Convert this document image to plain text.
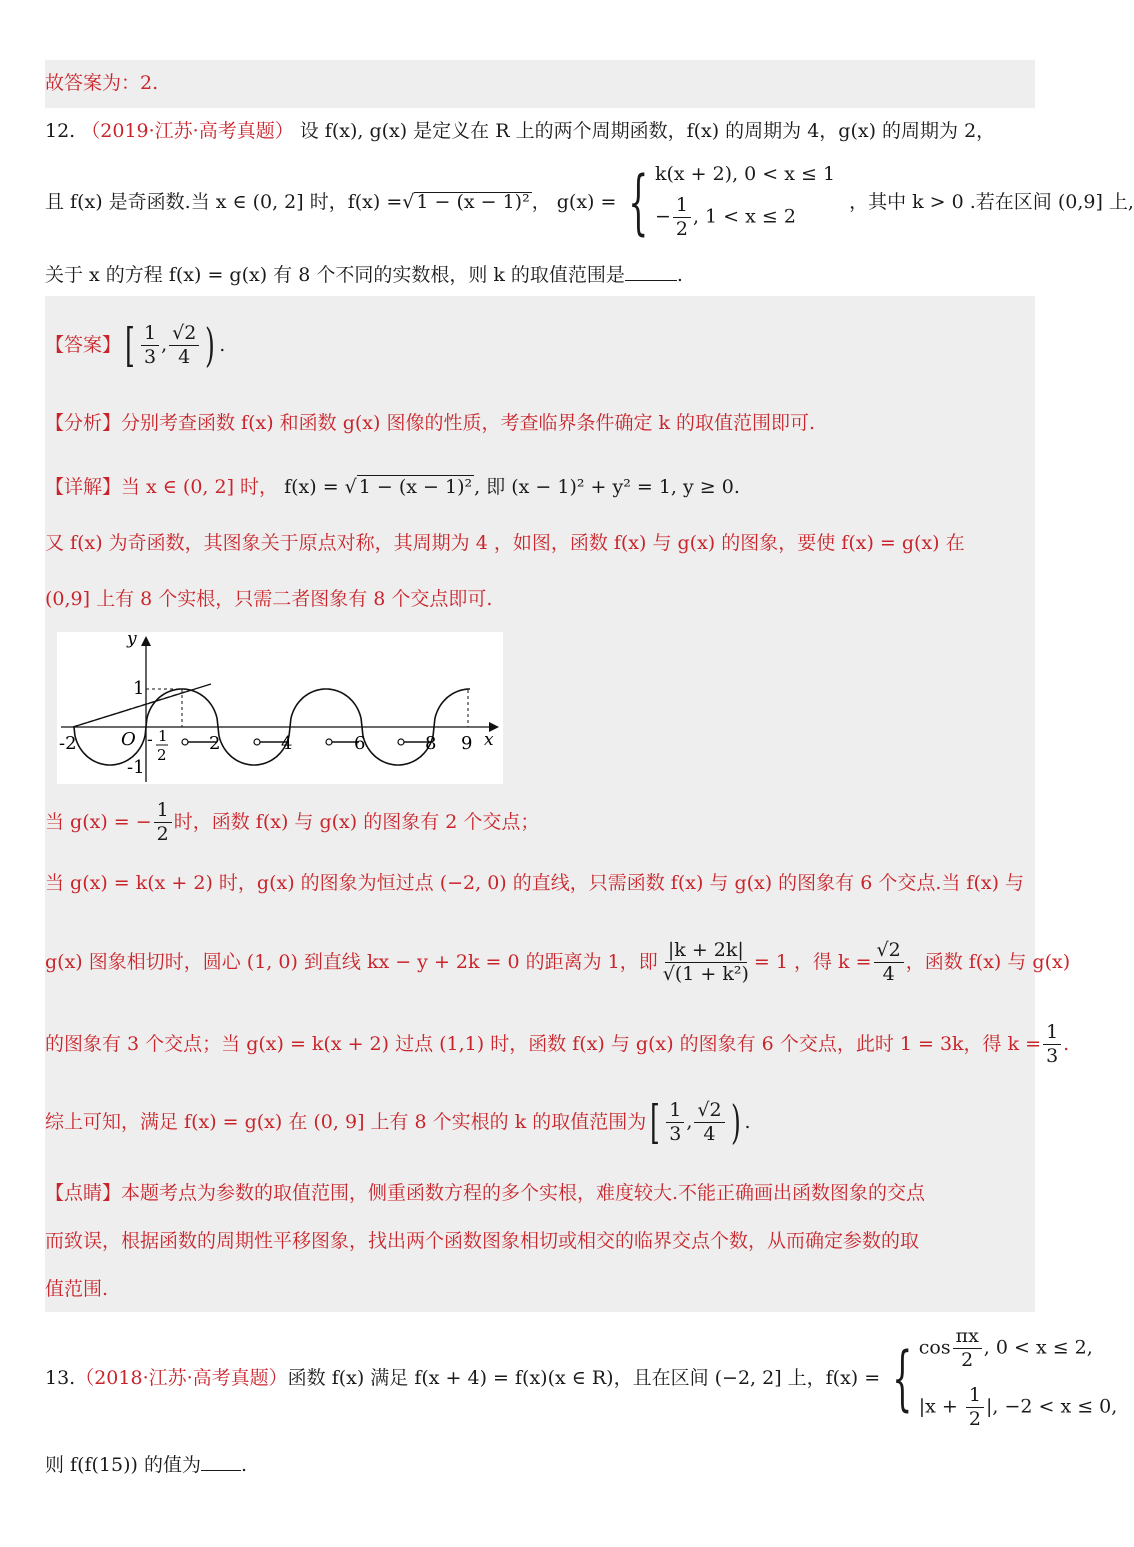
故答案为：2.
12. （2019·江苏·高考真题） 设 f(x), g(x) 是定义在 R 上的两个周期函数，f(x) 的周期为 4，g(x) 的周期为 2，
且 f(x) 是奇函数.当 x ∈ (0, 2] 时，f(x) = √ 1 − (x − 1)² ， g(x) = { k(x + 2), 0 < x ≤ 1
− $\frac{1}{2}$ , 1 < x ≤ 2
，其中 k > 0 .若在区间 (0,9] 上,
关于 x 的方程 f(x) = g(x) 有 8 个不同的实数根，则 k 的取值范围是	.
【答案】 [ $\frac{1}{3}$ , $\frac{√2}{4}$ ) .
【分析】分别考查函数 f(x) 和函数 g(x) 图像的性质，考查临界条件确定 k 的取值范围即可.
【详解】当 x ∈ (0, 2] 时， f(x) = √ 1 − (x − 1)² , 即 (x − 1)² + y² = 1, y ≥ 0.
又 f(x) 为奇函数，其图象关于原点对称，其周期为 4 ，如图，函数 f(x) 与 g(x) 的图象，要使 f(x) = g(x) 在
(0,9] 上有 8 个实根，只需二者图象有 8 个交点即可.
y
x
-2 O
-1
1
2	4	6	8 9
- 1
2
当 g(x) = − $\frac{1}{2}$ 时，函数 f(x) 与 g(x) 的图象有 2 个交点；
当 g(x) = k(x + 2) 时，g(x) 的图象为恒过点 (−2, 0) 的直线，只需函数 f(x) 与 g(x) 的图象有 6 个交点.当 f(x) 与
g(x) 图象相切时，圆心 (1, 0) 到直线 kx − y + 2k = 0 的距离为 1，即 $\frac{|k + 2k|}{\text{√(1 + k²)}} = 1$ ，得 $k = \frac{√2}{4}$ ，函数 f(x) 与 g(x)
的图象有 3 个交点；当 g(x) = k(x + 2) 过点 (1,1) 时，函数 f(x) 与 g(x) 的图象有 6 个交点，此时 1 = 3k，得 $k = \frac{1}{3}$ .
综上可知，满足 f(x) = g(x) 在 (0, 9] 上有 8 个实根的 k 的取值范围为 [ $\frac{1}{3}$ , $\frac{√2}{4}$ ) .
【点睛】本题考点为参数的取值范围，侧重函数方程的多个实根，难度较大.不能正确画出函数图象的交点
而致误，根据函数的周期性平移图象，找出两个函数图象相切或相交的临界交点个数，从而确定参数的取
值范围.
13. （2018·江苏·高考真题） 函数 f(x) 满足 f(x + 4) = f(x)(x ∈ R)，且在区间 (−2, 2] 上，f(x) = { $\cos \frac{\pi x}{2}$ , 0 < x ≤ 2,
$|x + \frac{1}{2}$ |, −2 < x ≤ 0,
则 f(f(15)) 的值为 .
